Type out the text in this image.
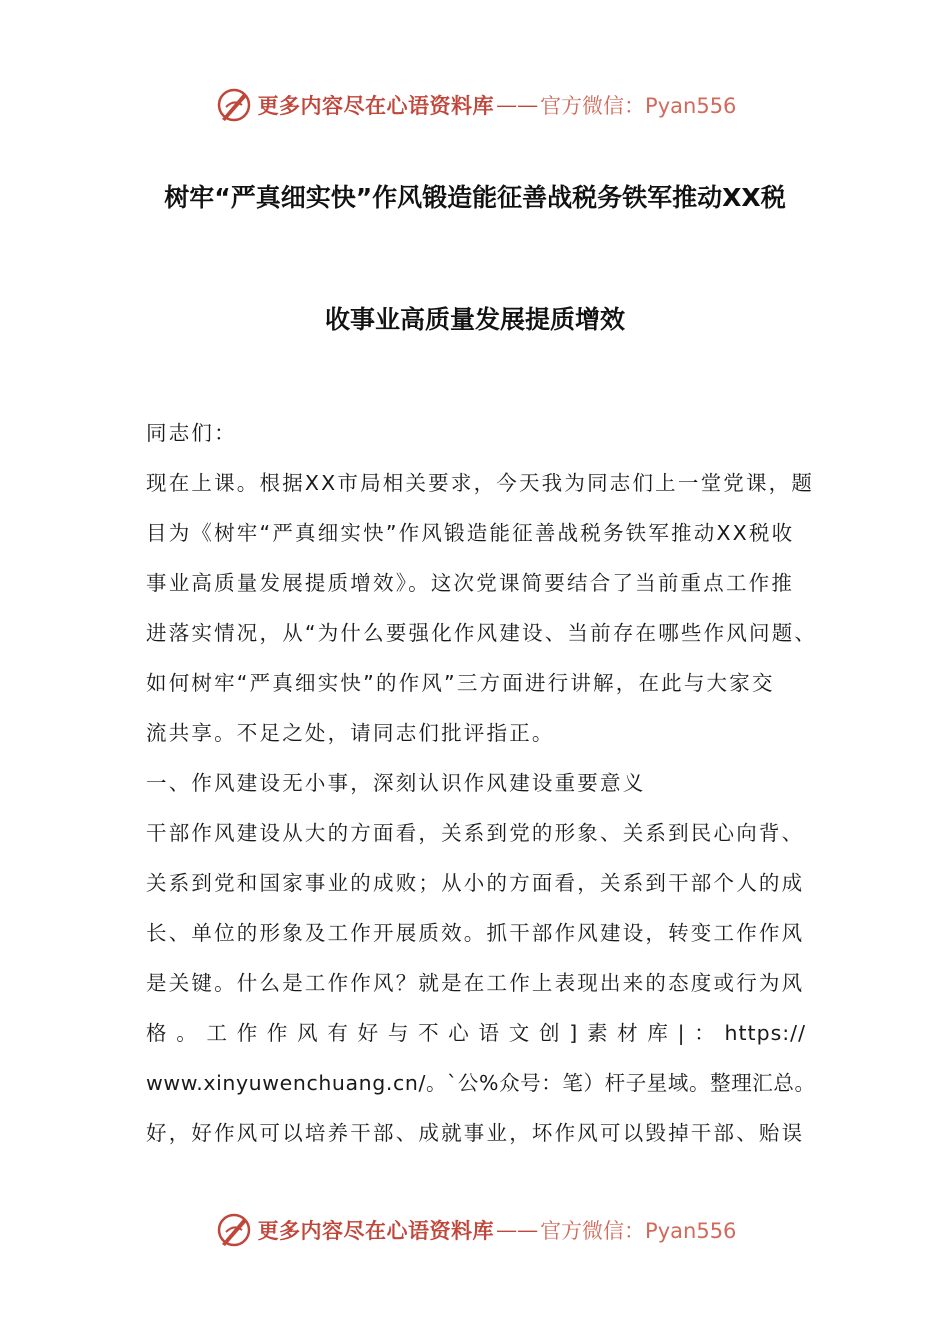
更多内容尽在心语资料库 —— 官方微信：Pyan556
树牢“严真细实快”作风锻造能征善战税务铁军推动XX税
收事业高质量发展提质增效
同志们：
现在上课。根据XX市局相关要求，今天我为同志们上一堂党课，题
目为《树牢“严真细实快”作风锻造能征善战税务铁军推动XX税收
事业高质量发展提质增效》。这次党课简要结合了当前重点工作推
进落实情况，从“为什么要强化作风建设、当前存在哪些作风问题、
如何树牢“严真细实快”的作风”三方面进行讲解，在此与大家交
流共享。不足之处，请同志们批评指正。
一、作风建设无小事，深刻认识作风建设重要意义
干部作风建设从大的方面看，关系到党的形象、关系到民心向背、
关系到党和国家事业的成败；从小的方面看，关系到干部个人的成
长、单位的形象及工作开展质效。抓干部作风建设，转变工作作风
是关键。什么是工作作风？就是在工作上表现出来的态度或行为风
格。工作作风有好与不心语文创]素材库|：https://
www.xinyuwenchuang.cn/。`公%众号：笔）杆子星域。整理汇总。
好，好作风可以培养干部、成就事业，坏作风可以毁掉干部、贻误
更多内容尽在心语资料库 —— 官方微信：Pyan556
